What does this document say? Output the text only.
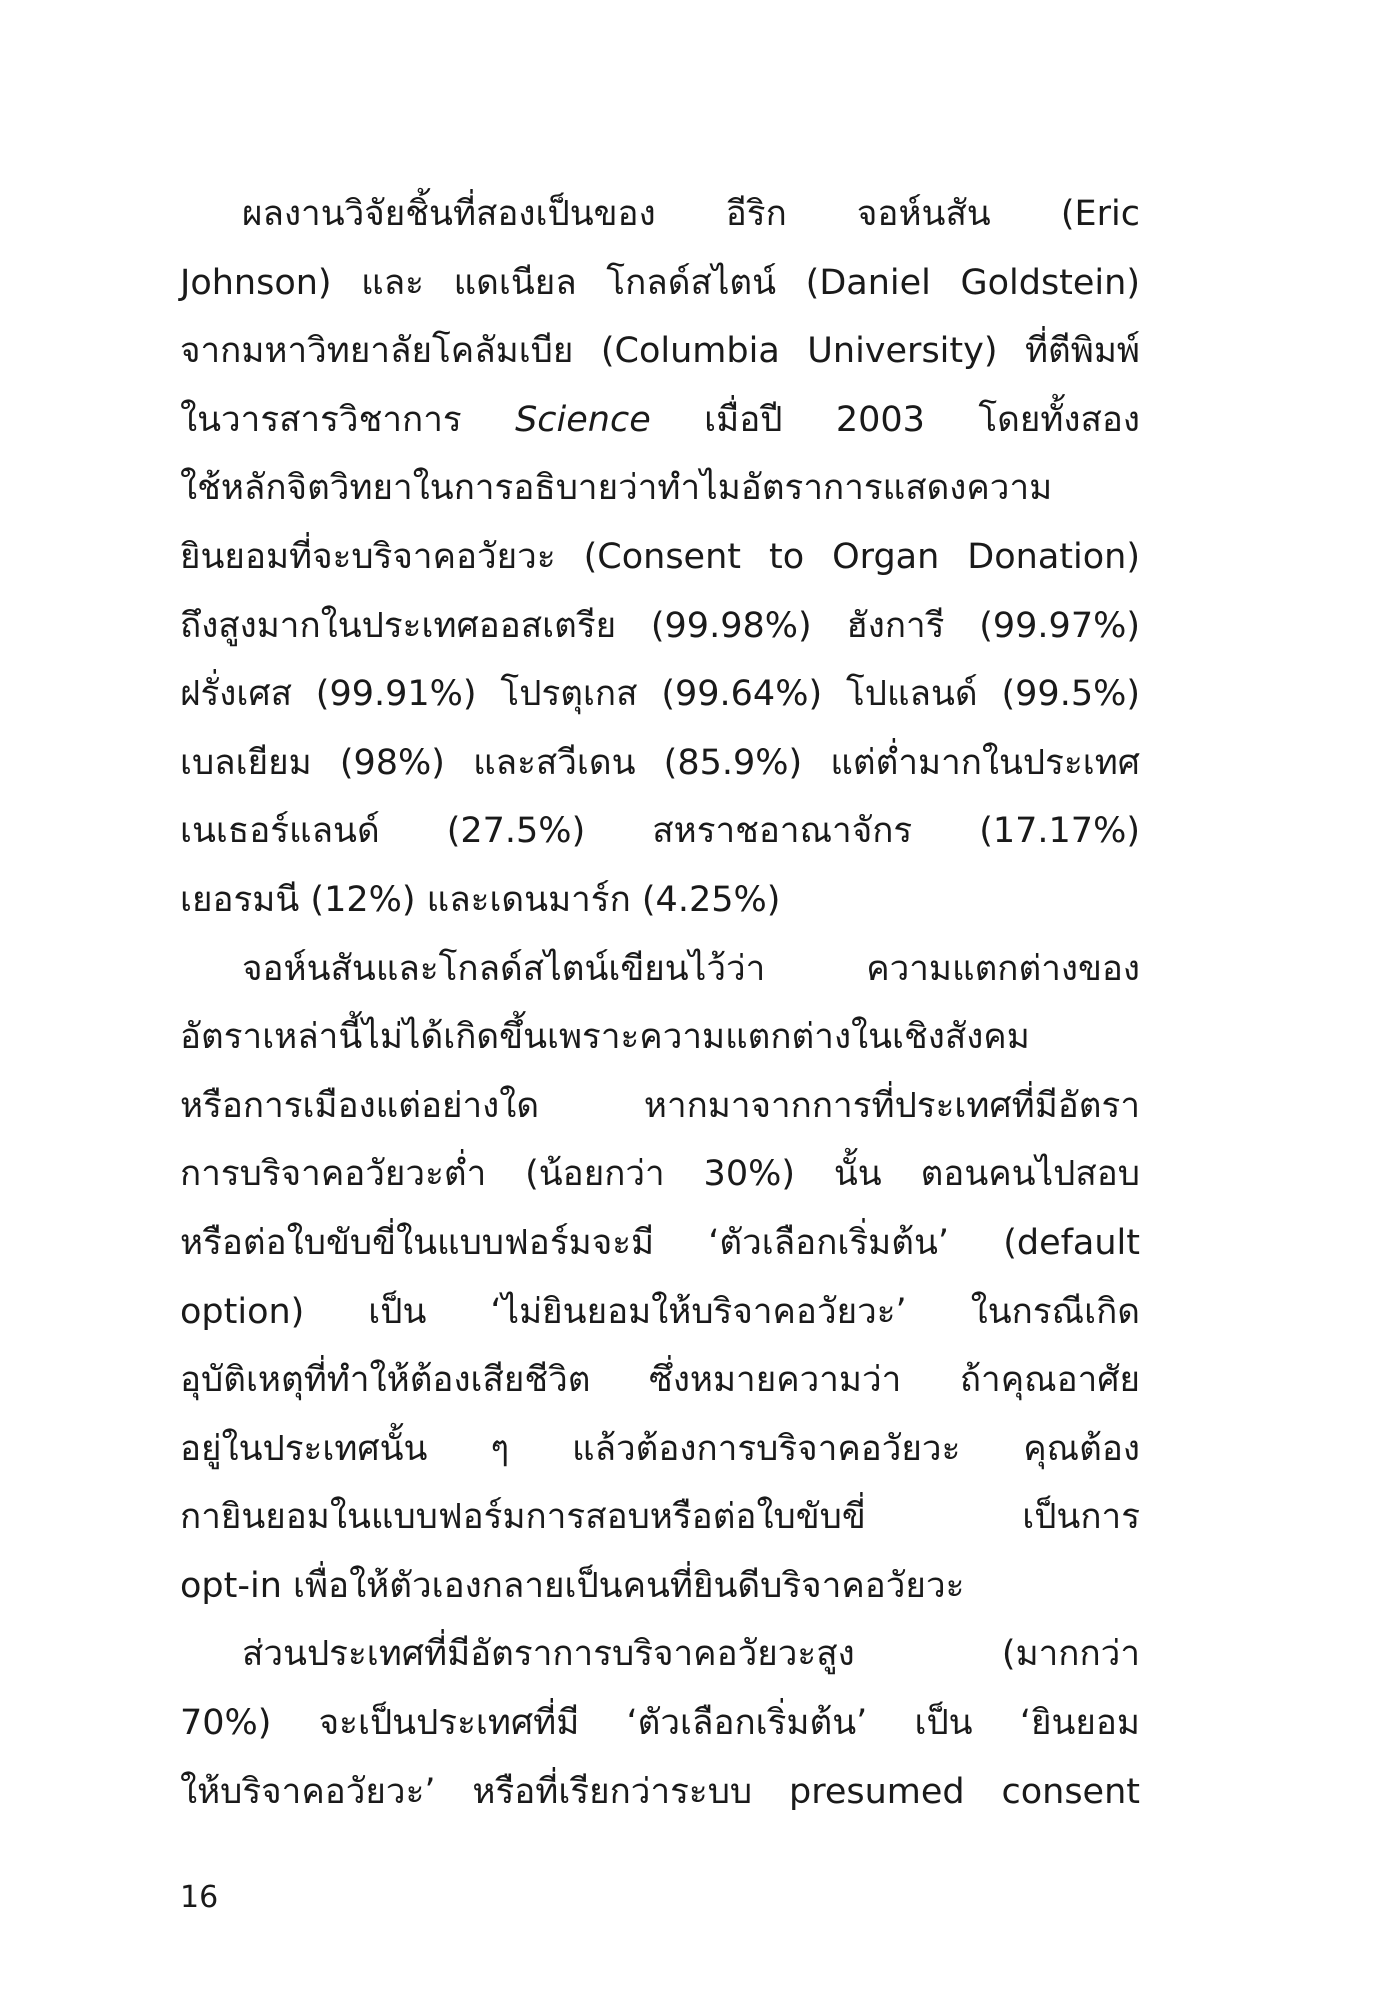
ผลงานวิจัยชิ้นที่สองเป็นของ อีริก จอห์นสัน (Eric
Johnson) และ แดเนียล โกลด์สไตน์ (Daniel Goldstein)
จากมหาวิทยาลัยโคลัมเบีย (Columbia University) ที่ตีพิมพ์
ในวารสารวิชาการ Science เมื่อปี 2003 โดยทั้งสอง
ใช้หลักจิตวิทยาในการอธิบายว่าทำไมอัตราการแสดงความ
ยินยอมที่จะบริจาคอวัยวะ (Consent to Organ Donation)
ถึงสูงมากในประเทศออสเตรีย (99.98%) ฮังการี (99.97%)
ฝรั่งเศส (99.91%) โปรตุเกส (99.64%) โปแลนด์ (99.5%)
เบลเยียม (98%) และสวีเดน (85.9%) แต่ต่ำมากในประเทศ
เนเธอร์แลนด์ (27.5%) สหราชอาณาจักร (17.17%)
เยอรมนี (12%) และเดนมาร์ก (4.25%)
จอห์นสันและโกลด์สไตน์เขียนไว้ว่า ความแตกต่างของ
อัตราเหล่านี้ไม่ได้เกิดขึ้นเพราะความแตกต่างในเชิงสังคม
หรือการเมืองแต่อย่างใด หากมาจากการที่ประเทศที่มีอัตรา
การบริจาคอวัยวะต่ำ (น้อยกว่า 30%) นั้น ตอนคนไปสอบ
หรือต่อใบขับขี่ในแบบฟอร์มจะมี ‘ตัวเลือกเริ่มต้น’ (default
option) เป็น ‘ไม่ยินยอมให้บริจาคอวัยวะ’ ในกรณีเกิด
อุบัติเหตุที่ทำให้ต้องเสียชีวิต ซึ่งหมายความว่า ถ้าคุณอาศัย
อยู่ในประเทศนั้น ๆ แล้วต้องการบริจาคอวัยวะ คุณต้อง
กายินยอมในแบบฟอร์มการสอบหรือต่อใบขับขี่ เป็นการ
opt-in เพื่อให้ตัวเองกลายเป็นคนที่ยินดีบริจาคอวัยวะ
ส่วนประเทศที่มีอัตราการบริจาคอวัยวะสูง (มากกว่า
70%) จะเป็นประเทศที่มี ‘ตัวเลือกเริ่มต้น’ เป็น ‘ยินยอม
ให้บริจาคอวัยวะ’ หรือที่เรียกว่าระบบ presumed consent
16
